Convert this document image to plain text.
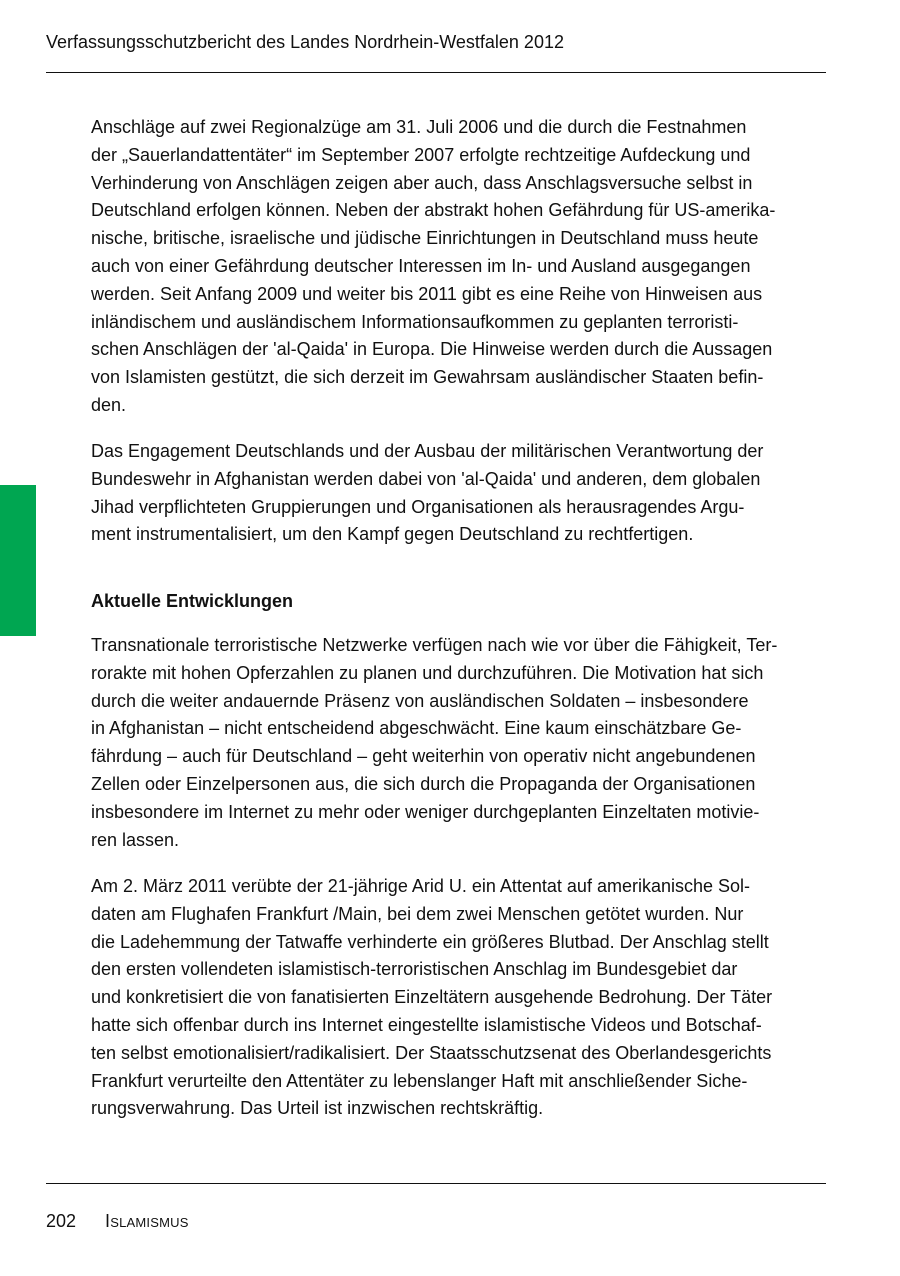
Verfassungsschutzbericht des Landes Nordrhein-Westfalen 2012

Anschläge auf zwei Regionalzüge am 31. Juli 2006 und die durch die Festnahmen
der „Sauerlandattentäter“ im September 2007 erfolgte rechtzeitige Aufdeckung und
Verhinderung von Anschlägen zeigen aber auch, dass Anschlagsversuche selbst in
Deutschland erfolgen können. Neben der abstrakt hohen Gefährdung für US-amerika-
nische, britische, israelische und jüdische Einrichtungen in Deutschland muss heute
auch von einer Gefährdung deutscher Interessen im In- und Ausland ausgegangen
werden. Seit Anfang 2009 und weiter bis 2011 gibt es eine Reihe von Hinweisen aus
inländischem und ausländischem Informationsaufkommen zu geplanten terroristi-
schen Anschlägen der 'al-Qaida' in Europa. Die Hinweise werden durch die Aussagen
von Islamisten gestützt, die sich derzeit im Gewahrsam ausländischer Staaten befin-
den.

Das Engagement Deutschlands und der Ausbau der militärischen Verantwortung der
Bundeswehr in Afghanistan werden dabei von 'al-Qaida' und anderen, dem globalen
Jihad verpflichteten Gruppierungen und Organisationen als herausragendes Argu-
ment instrumentalisiert, um den Kampf gegen Deutschland zu rechtfertigen.

Aktuelle Entwicklungen

Transnationale terroristische Netzwerke verfügen nach wie vor über die Fähigkeit, Ter-
rorakte mit hohen Opferzahlen zu planen und durchzuführen. Die Motivation hat sich
durch die weiter andauernde Präsenz von ausländischen Soldaten – insbesondere
in Afghanistan – nicht entscheidend abgeschwächt. Eine kaum einschätzbare Ge-
fährdung – auch für Deutschland – geht weiterhin von operativ nicht angebundenen
Zellen oder Einzelpersonen aus, die sich durch die Propaganda der Organisationen
insbesondere im Internet zu mehr oder weniger durchgeplanten Einzeltaten motivie-
ren lassen.

Am 2. März 2011 verübte der 21-jährige Arid U. ein Attentat auf amerikanische Sol-
daten am Flughafen Frankfurt /Main, bei dem zwei Menschen getötet wurden. Nur
die Ladehemmung der Tatwaffe verhinderte ein größeres Blutbad. Der Anschlag stellt
den ersten vollendeten islamistisch-terroristischen Anschlag im Bundesgebiet dar
und konkretisiert die von fanatisierten Einzeltätern ausgehende Bedrohung. Der Täter
hatte sich offenbar durch ins Internet eingestellte islamistische Videos und Botschaf-
ten selbst emotionalisiert/radikalisiert. Der Staatsschutzsenat des Oberlandesgerichts
Frankfurt verurteilte den Attentäter zu lebenslanger Haft mit anschließender Siche-
rungsverwahrung. Das Urteil ist inzwischen rechtskräftig.

202 Islamismus
